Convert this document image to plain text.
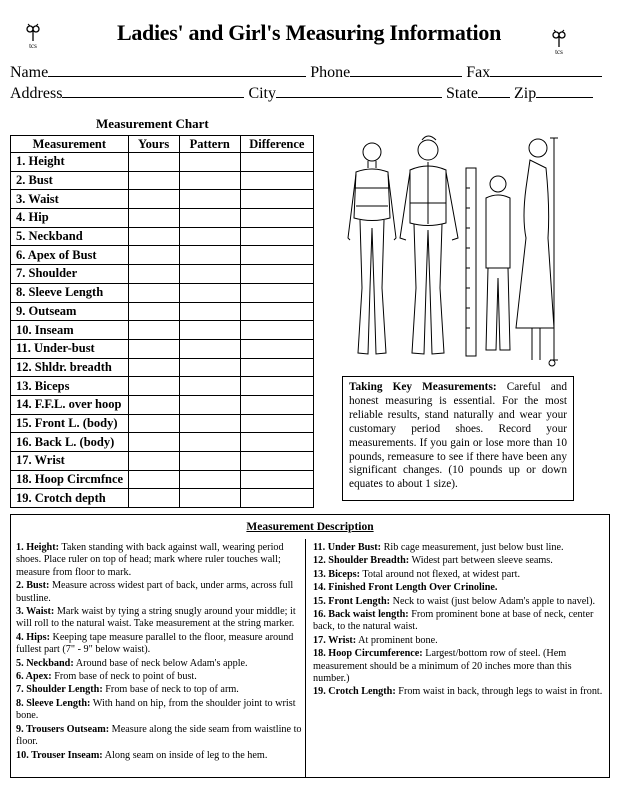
tcs
tcs
Ladies' and Girl's Measuring Information
Name	Phone	Fax
Address	City	State Zip
Measurement Chart
Measurement	Yours	Pattern	Difference

1. Height			

2. Bust			

3. Waist			

4. Hip			

5. Neckband			

6. Apex of Bust			

7. Shoulder			

8. Sleeve Length			

9. Outseam			

10. Inseam			

11. Under-bust			

12. Shldr. breadth			

13. Biceps			

14. F.F.L. over hoop			

15. Front L. (body)			

16. Back L. (body)			

17. Wrist			

18. Hoop Circmfnce			

19. Crotch depth			

Taking Key Measurements: Careful and honest measuring is essential. For the most reliable results, stand naturally and wear your customary period shoes. Record your measurements. If you gain or lose more than 10 pounds, remeasure to see if there have been any significant changes. (10 pounds up or down equates to about 1 size).
Measurement Description
1. Height: Taken standing with back against wall, wearing period shoes. Place ruler on top of head; mark where ruler touches wall; measure from floor to mark.
2. Bust: Measure across widest part of back, under arms, across full bustline.
3. Waist: Mark waist by tying a string snugly around your middle; it will roll to the natural waist. Take measurement at the string marker.
4. Hips: Keeping tape measure parallel to the floor, measure around fullest part (7" - 9" below waist).
5. Neckband: Around base of neck below Adam's apple.
6. Apex: From base of neck to point of bust.
7. Shoulder Length: From base of neck to top of arm.
8. Sleeve Length: With hand on hip, from the shoulder joint to wrist bone.
9. Trousers Outseam: Measure along the side seam from waistline to floor.
10. Trouser Inseam: Along seam on inside of leg to the hem.
11. Under Bust: Rib cage measurement, just below bust line.
12. Shoulder Breadth: Widest part between sleeve seams.
13. Biceps: Total around not flexed, at widest part.
14. Finished Front Length Over Crinoline.
15. Front Length: Neck to waist (just below Adam's apple to navel).
16. Back waist length: From prominent bone at base of neck, center back, to the natural waist.
17. Wrist: At prominent bone.
18. Hoop Circumference: Largest/bottom row of steel. (Hem measurement should be a minimum of 20 inches more than this number.)
19. Crotch Length: From waist in back, through legs to waist in front.
